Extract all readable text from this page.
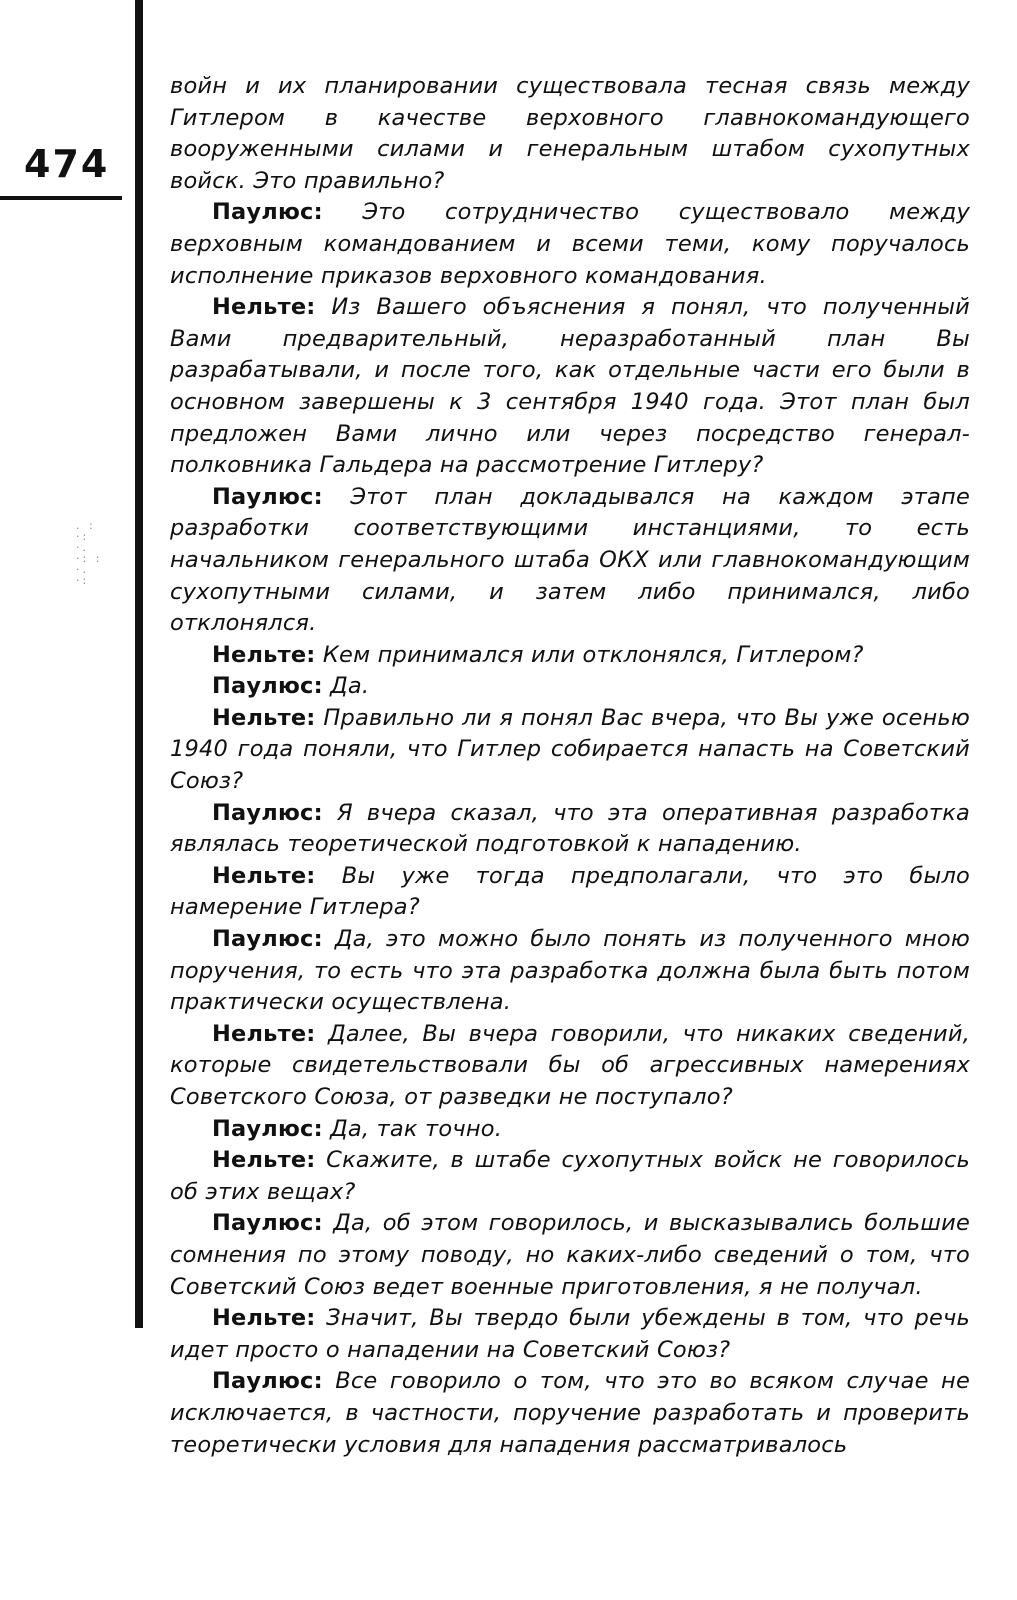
474
. : ·: ·. ·: : ·. ·:

войн и их планировании существовала тесная связь между Гитлером в качестве верховного главнокомандующего вооруженными силами и генеральным штабом сухопутных войск. Это правильно?

Паулюс: Это сотрудничество существовало между верховным командованием и всеми теми, кому поручалось исполнение приказов верховного командования.

Нельте: Из Вашего объяснения я понял, что полученный Вами предварительный, неразработанный план Вы разрабатывали, и после того, как отдельные части его были в основном завершены к 3 сентября 1940 года. Этот план был предложен Вами лично или через посредство генерал-полковника Гальдера на рассмотрение Гитлеру?

Паулюс: Этот план докладывался на каждом этапе разработки соответствующими инстанциями, то есть начальником генерального штаба ОКХ или главнокомандующим сухопутными силами, и затем либо принимался, либо отклонялся.

Нельте: Кем принимался или отклонялся, Гитлером?

Паулюс: Да.

Нельте: Правильно ли я понял Вас вчера, что Вы уже осенью 1940 года поняли, что Гитлер собирается напасть на Советский Союз?

Паулюс: Я вчера сказал, что эта оперативная разработка являлась теоретической подготовкой к нападению.

Нельте: Вы уже тогда предполагали, что это было намерение Гитлера?

Паулюс: Да, это можно было понять из полученного мною поручения, то есть что эта разработка должна была быть потом практически осуществлена.

Нельте: Далее, Вы вчера говорили, что никаких сведений, которые свидетельствовали бы об агрессивных намерениях Советского Союза, от разведки не поступало?

Паулюс: Да, так точно.

Нельте: Скажите, в штабе сухопутных войск не говорилось об этих вещах?

Паулюс: Да, об этом говорилось, и высказывались большие сомнения по этому поводу, но каких-либо сведений о том, что Советский Союз ведет военные приготовления, я не получал.

Нельте: Значит, Вы твердо были убеждены в том, что речь идет просто о нападении на Советский Союз?

Паулюс: Все говорило о том, что это во всяком случае не исключается, в частности, поручение разработать и проверить теоретически условия для нападения рассматривалось
